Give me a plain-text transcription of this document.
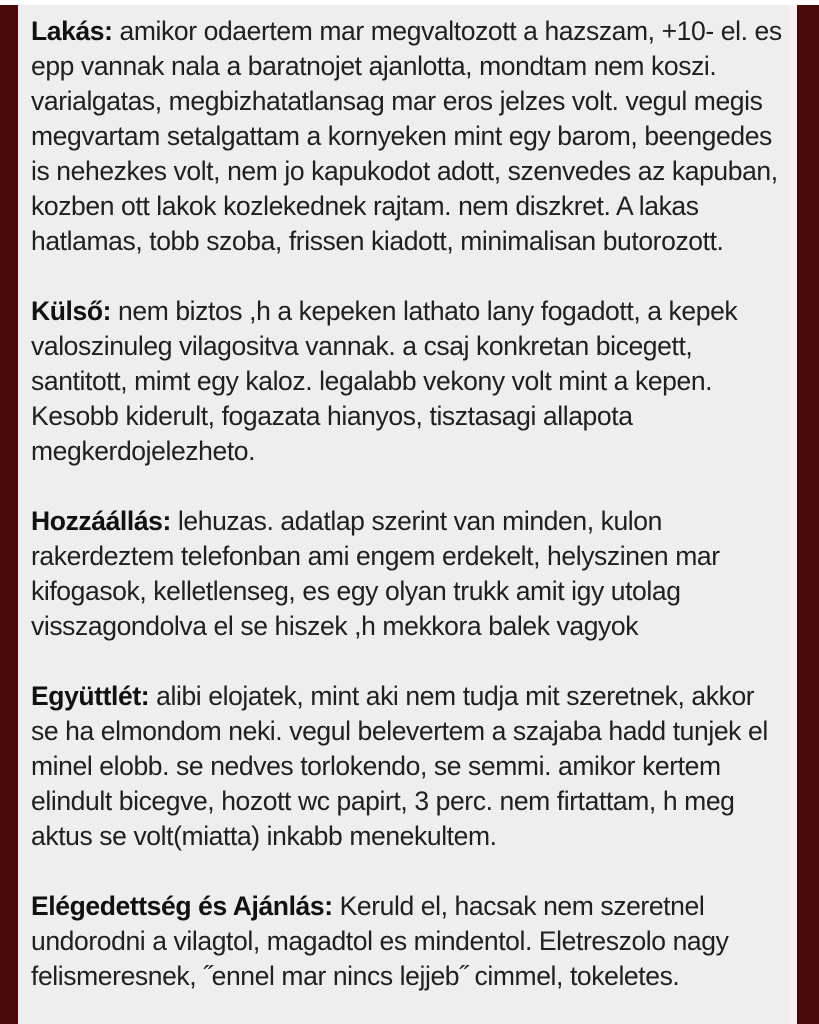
Lakás: amikor odaertem mar megvaltozott a hazszam, +10- el. es epp vannak nala a baratnojet ajanlotta, mondtam nem koszi. varialgatas, megbizhatatlansag mar eros jelzes volt. vegul megis megvartam setalgattam a kornyeken mint egy barom, beengedes is nehezkes volt, nem jo kapukodot adott, szenvedes az kapuban, kozben ott lakok kozlekednek rajtam. nem diszkret. A lakas hatlamas, tobb szoba, frissen kiadott, minimalisan butorozott.

Külső: nem biztos ,h a kepeken lathato lany fogadott, a kepek valoszinuleg vilagositva vannak. a csaj konkretan bicegett, santitott, mimt egy kaloz. legalabb vekony volt mint a kepen. Kesobb kiderult, fogazata hianyos, tisztasagi allapota megkerdojelezheto.

Hozzáállás: lehuzas. adatlap szerint van minden, kulon rakerdeztem telefonban ami engem erdekelt, helyszinen mar kifogasok, kelletlenseg, es egy olyan trukk amit igy utolag visszagondolva el se hiszek ,h mekkora balek vagyok

Együttlét: alibi elojatek, mint aki nem tudja mit szeretnek, akkor se ha elmondom neki. vegul belevertem a szajaba hadd tunjek el minel elobb. se nedves torlokendo, se semmi. amikor kertem elindult bicegve, hozott wc papirt, 3 perc. nem firtattam, h meg aktus se volt(miatta) inkabb menekultem.

Elégedettség és Ajánlás: Keruld el, hacsak nem szeretnel undorodni a vilagtol, magadtol es mindentol. Eletreszolo nagy felismeresnek, ˝ennel mar nincs lejjeb˝ cimmel, tokeletes.
